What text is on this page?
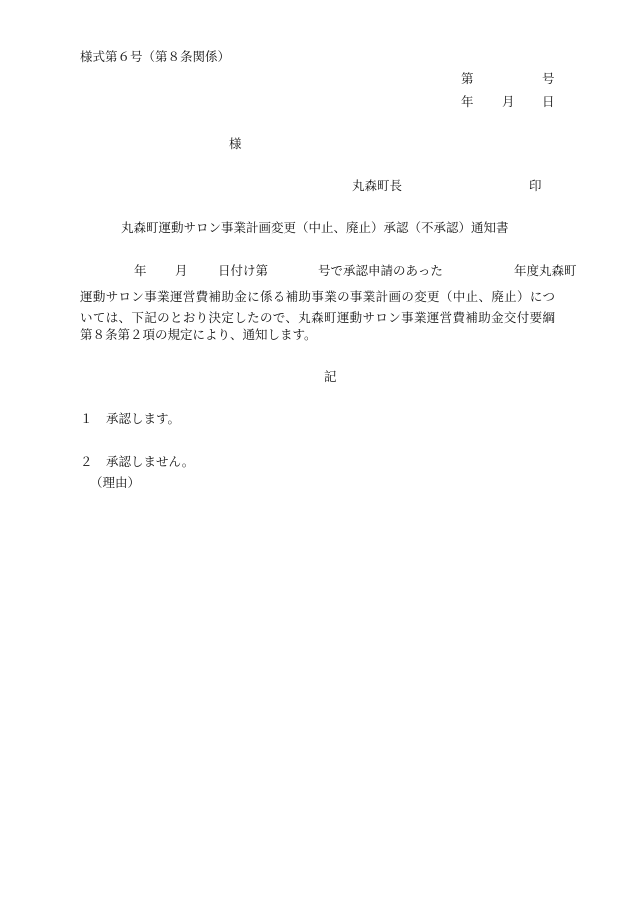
様式第６号（第８条関係）
第	号
年 月 日
様
丸森町長	印
丸森町運動サロン事業計画変更（中止、廃止）承認（不承認）通知書
年 月 日付け第	号で承認申請のあった	年度丸森町
運動サロン事業運営費補助金に係る補助事業の事業計画の変更（中止、廃止）につ
いては、下記のとおり決定したので、丸森町運動サロン事業運営費補助金交付要綱
第８条第２項の規定により、通知します。
記
１ 承認します。
２ 承認しません。
（理由）
